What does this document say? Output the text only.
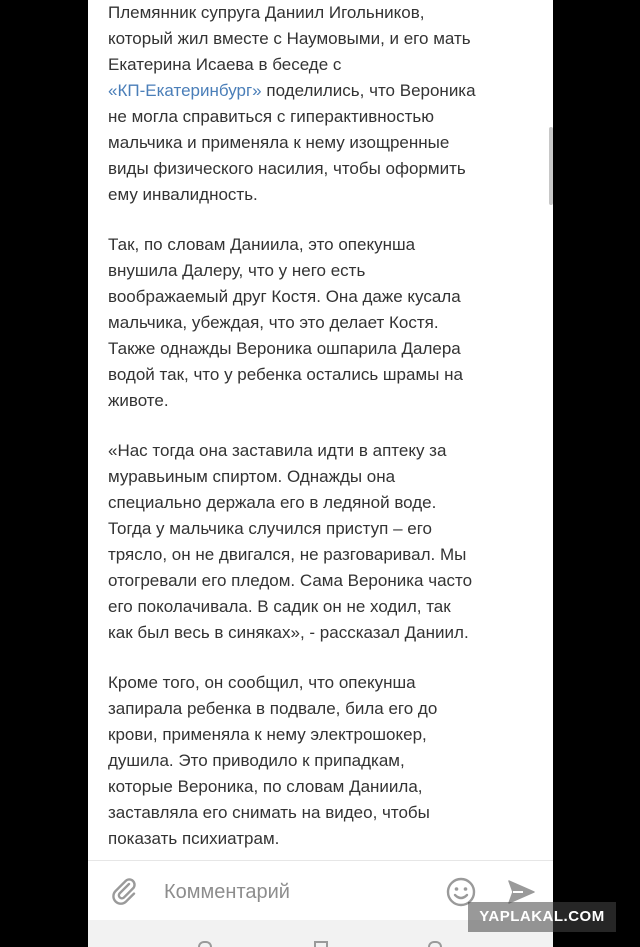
Племянник супруга Даниил Игольников,
который жил вместе с Наумовыми, и его мать
Екатерина Исаева в беседе с
«КП-Екатеринбург» поделились, что Вероника
не могла справиться с гиперактивностью
мальчика и применяла к нему изощренные
виды физического насилия, чтобы оформить
ему инвалидность.

Так, по словам Даниила, это опекунша
внушила Далеру, что у него есть
воображаемый друг Костя. Она даже кусала
мальчика, убеждая, что это делает Костя.
Также однажды Вероника ошпарила Далера
водой так, что у ребенка остались шрамы на
животе.

«Нас тогда она заставила идти в аптеку за
муравьиным спиртом. Однажды она
специально держала его в ледяной воде.
Тогда у мальчика случился приступ – его
трясло, он не двигался, не разговаривал. Мы
отогревали его пледом. Сама Вероника часто
его поколачивала. В садик он не ходил, так
как был весь в синяках», - рассказал Даниил.

Кроме того, он сообщил, что опекунша
запирала ребенка в подвале, била его до
крови, применяла к нему электрошокер,
душила. Это приводило к припадкам,
которые Вероника, по словам Даниила,
заставляла его снимать на видео, чтобы
показать психиатрам.

Комментарий
YAPLAKAL.COM
